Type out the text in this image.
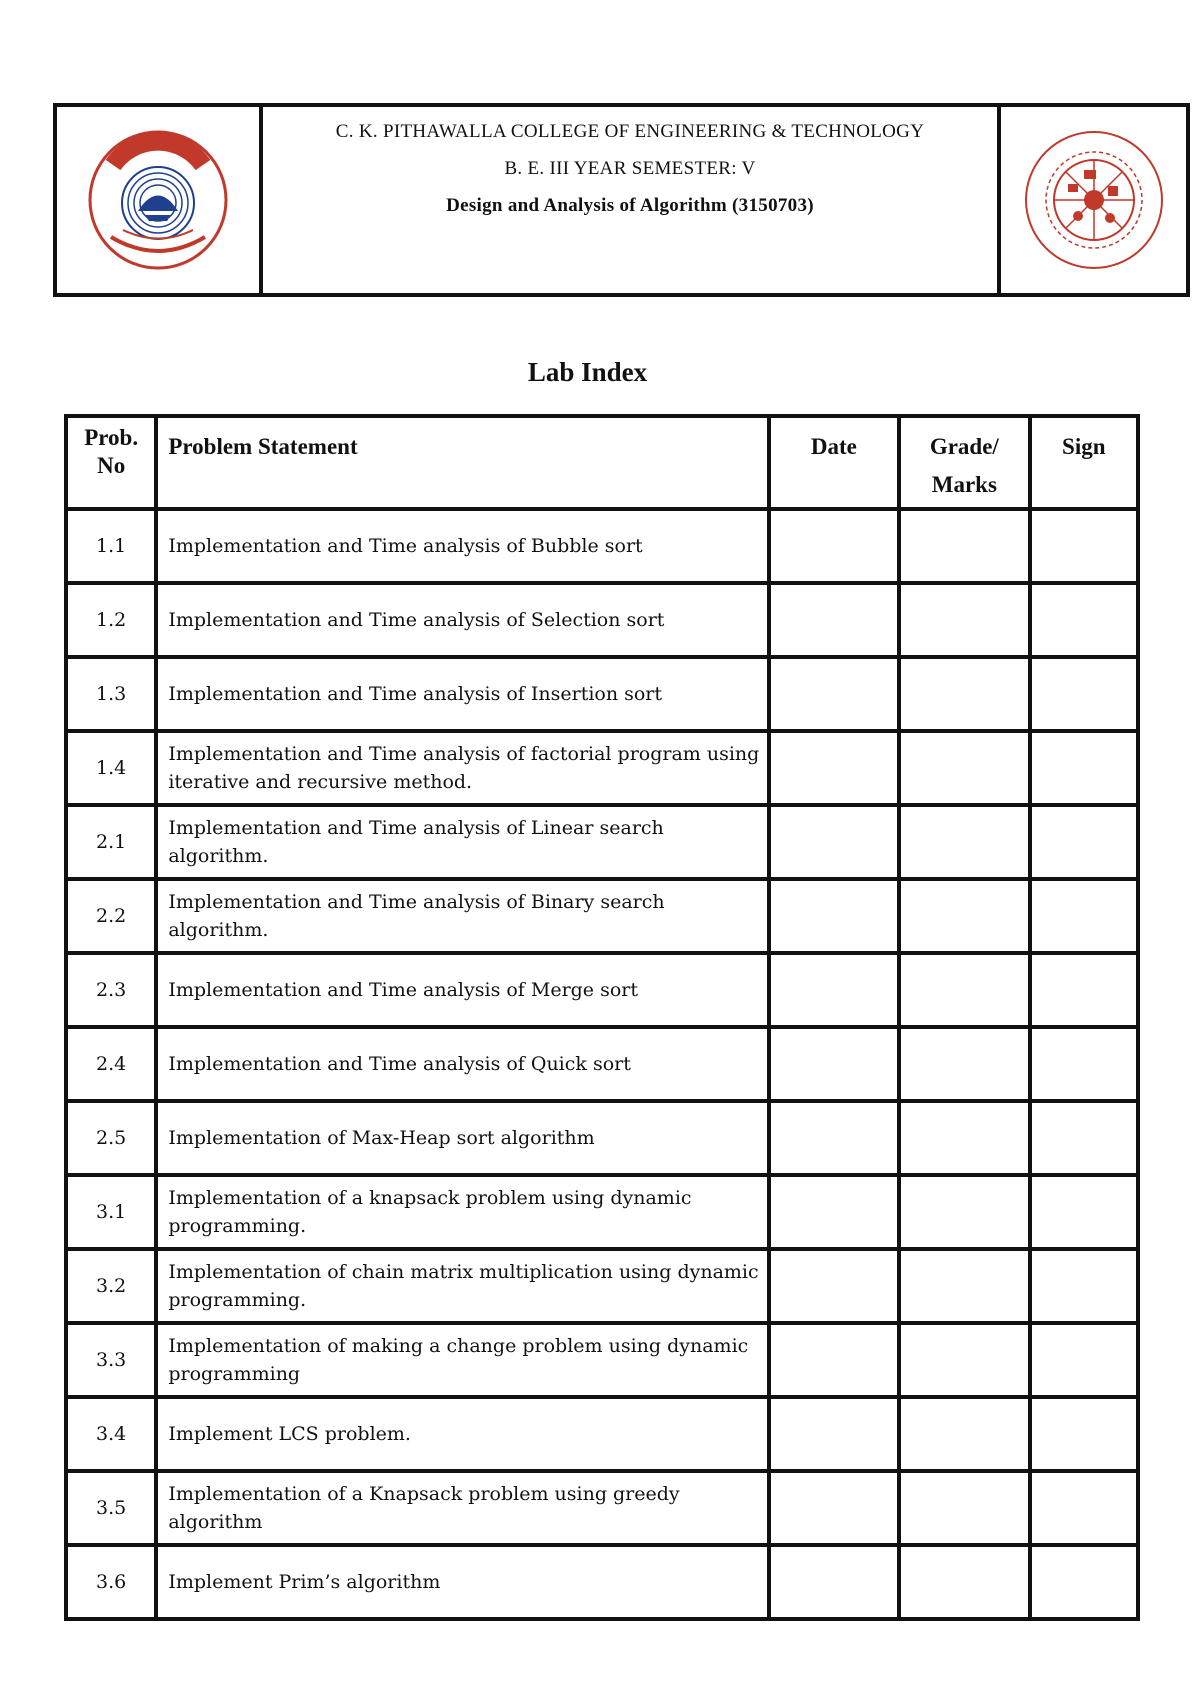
C. K. PITHAWALLA COLLEGE OF ENGINEERING & TECHNOLOGY
B. E. III YEAR SEMESTER: V
Design and Analysis of Algorithm (3150703)
Lab Index
Prob. No	Problem Statement	Date	Grade/ Marks	Sign
1.1	Implementation and Time analysis of Bubble sort			
1.2	Implementation and Time analysis of Selection sort			
1.3	Implementation and Time analysis of Insertion sort			
1.4	Implementation and Time analysis of factorial program using iterative and recursive method.			
2.1	Implementation and Time analysis of Linear search algorithm.			
2.2	Implementation and Time analysis of Binary search algorithm.			
2.3	Implementation and Time analysis of Merge sort			
2.4	Implementation and Time analysis of Quick sort			
2.5	Implementation of Max-Heap sort algorithm			
3.1	Implementation of a knapsack problem using dynamic programming.			
3.2	Implementation of chain matrix multiplication using dynamic programming.			
3.3	Implementation of making a change problem using dynamic programming			
3.4	Implement LCS problem.			
3.5	Implementation of a Knapsack problem using greedy algorithm			
3.6	Implement Prim’s algorithm			
